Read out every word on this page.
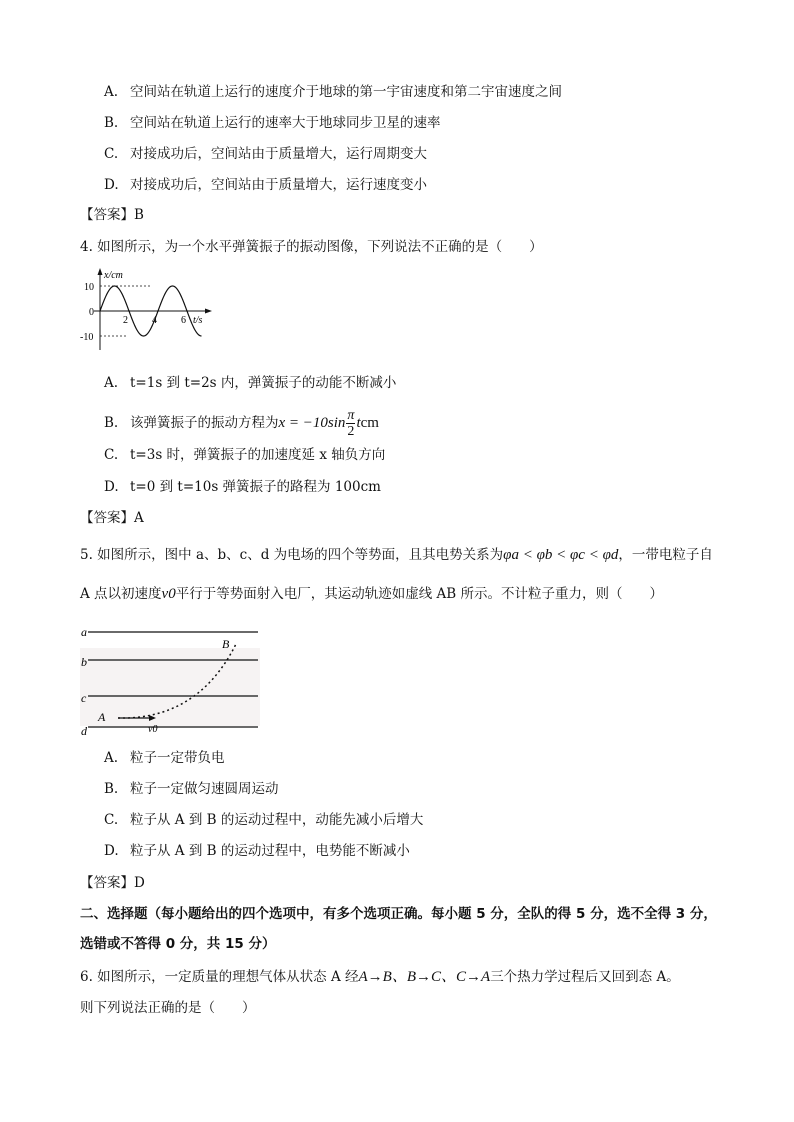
A. 空间站在轨道上运行的速度介于地球的第一宇宙速度和第二宇宙速度之间
B. 空间站在轨道上运行的速率大于地球同步卫星的速率
C. 对接成功后，空间站由于质量增大，运行周期变大
D. 对接成功后，空间站由于质量增大，运行速度变小
【答案】B
4. 如图所示，为一个水平弹簧振子的振动图像，下列说法不正确的是（　　）
x/cm
t/s
10
0
-10
2 4 6
A. t=1s 到 t=2s 内，弹簧振子的动能不断减小
B. 该弹簧振子的振动方程为$x = -10\sin \frac{\pi}{2}$ tcm
C. t=3s 时，弹簧振子的加速度延 x 轴负方向
D. t=0 到 t=10s 弹簧振子的路程为 100cm
【答案】A
5. 如图所示，图中 a、b、c、d 为电场的四个等势面，且其电势关系为φa < φb < φc < φd，一带电粒子自
A 点以初速度v0平行于等势面射入电厂，其运动轨迹如虚线 AB 所示。不计粒子重力，则（　　）
a
b
c
d
A
B
v0
A. 粒子一定带负电
B. 粒子一定做匀速圆周运动
C. 粒子从 A 到 B 的运动过程中，动能先减小后增大
D. 粒子从 A 到 B 的运动过程中，电势能不断减小
【答案】D
二、选择题（每小题给出的四个选项中，有多个选项正确。每小题 5 分，全队的得 5 分，选不全得 3 分，
选错或不答得 0 分，共 15 分）
6. 如图所示，一定质量的理想气体从状态 A 经A→B、B→C、C→A三个热力学过程后又回到态 A。
则下列说法正确的是（　　）
